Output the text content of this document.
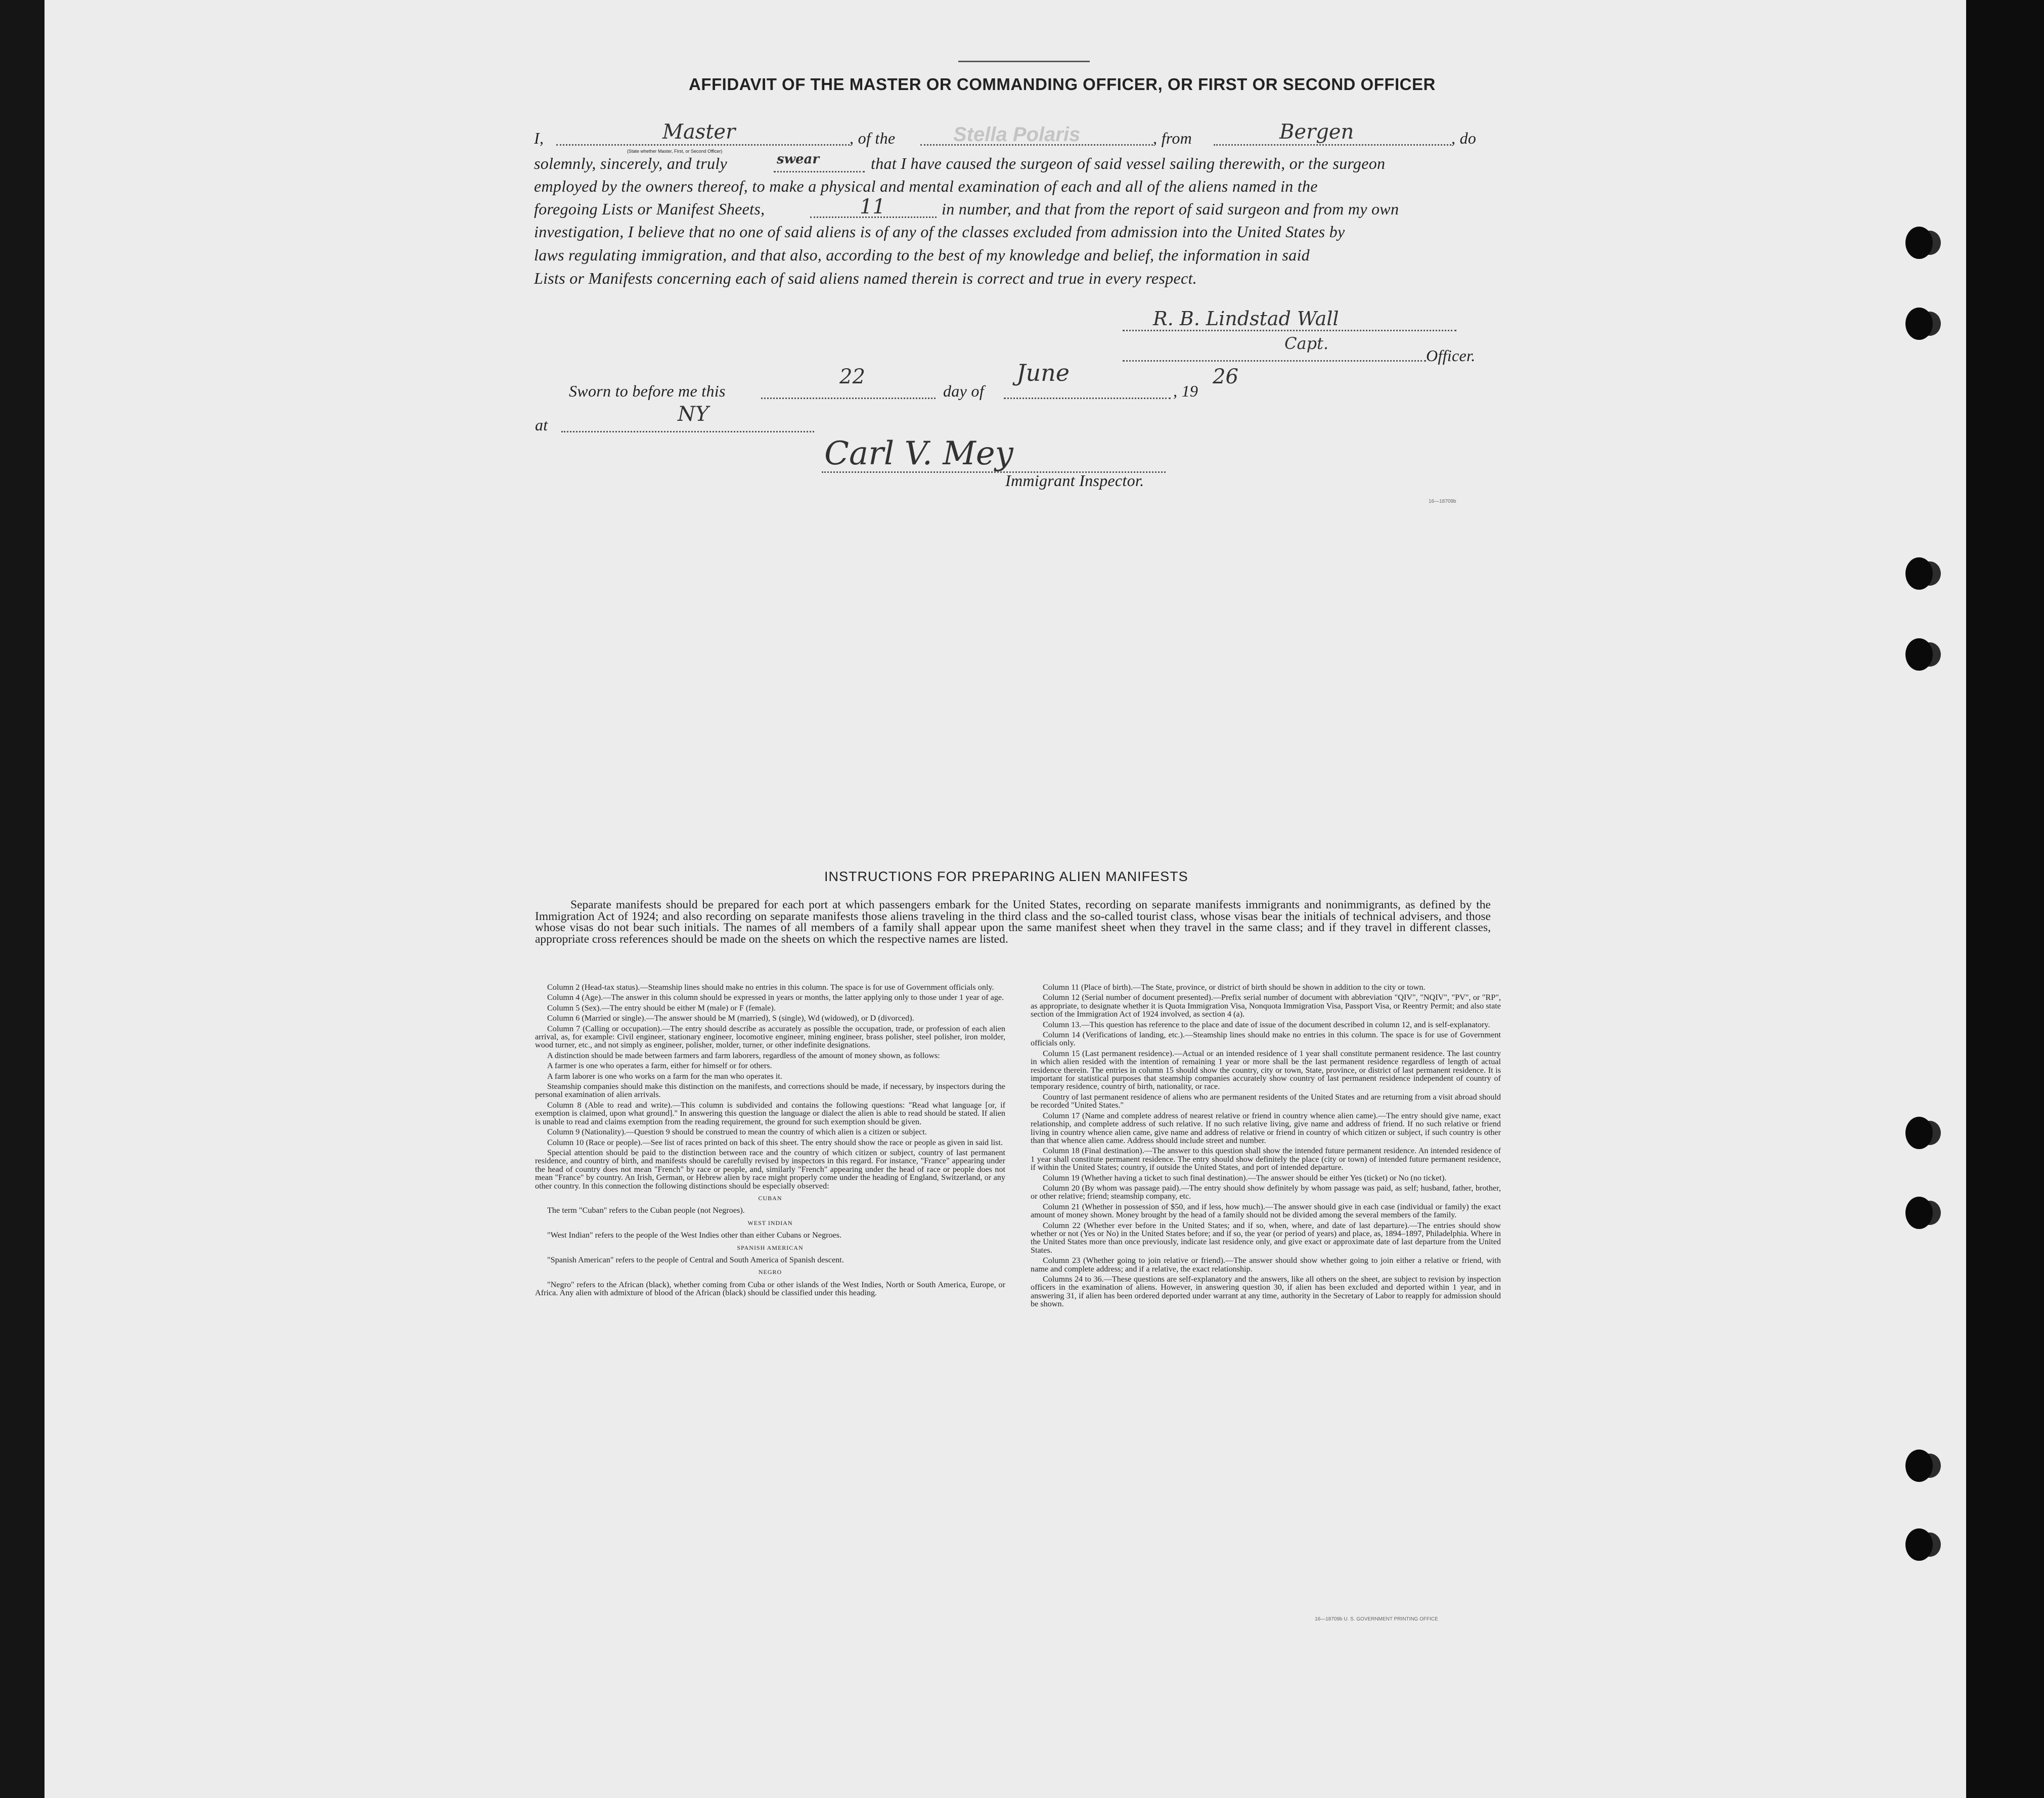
AFFIDAVIT OF THE MASTER OR COMMANDING OFFICER, OR FIRST OR SECOND OFFICER
I,	, of the	, from	, do
(State whether Master, First, or Second Officer)
Master	Stella Polaris	Bergen
solemnly, sincerely, and truly	swear	that I have caused the surgeon of said vessel sailing therewith, or the surgeon
employed by the owners thereof, to make a physical and mental examination of each and all of the aliens named in the
foregoing Lists or Manifest Sheets,	11	in number, and that from the report of said surgeon and from my own
investigation, I believe that no one of said aliens is of any of the classes excluded from admission into the United States by
laws regulating immigration, and that also, according to the best of my knowledge and belief, the information in said
Lists or Manifests concerning each of said aliens named therein is correct and true in every respect.
R. B. Lindstad Wall
Capt.
Officer.
Sworn to before me this
22
day of
June
, 19
26
at	NY
Carl V. Mey
Immigrant Inspector.
16—18709b
INSTRUCTIONS FOR PREPARING ALIEN MANIFESTS
Separate manifests should be prepared for each port at which passengers embark for the United States, recording on separate manifests immigrants and nonimmigrants, as defined by the Immigration Act of 1924; and also recording on separate manifests those aliens traveling in the third class and the so-called tourist class, whose visas bear the initials of technical advisers, and those whose visas do not bear such initials. The names of all members of a family shall appear upon the same manifest sheet when they travel in the same class; and if they travel in different classes, appropriate cross references should be made on the sheets on which the respective names are listed.

Column 2 (Head-tax status).—Steamship lines should make no entries in this column. The space is for use of Government officials only.

Column 4 (Age).—The answer in this column should be expressed in years or months, the latter applying only to those under 1 year of age.

Column 5 (Sex).—The entry should be either M (male) or F (female).

Column 6 (Married or single).—The answer should be M (married), S (single), Wd (widowed), or D (divorced).

Column 7 (Calling or occupation).—The entry should describe as accurately as possible the occupation, trade, or profession of each alien arrival, as, for example: Civil engineer, stationary engineer, locomotive engineer, mining engineer, brass polisher, steel polisher, iron molder, wood turner, etc., and not simply as engineer, polisher, molder, turner, or other indefinite designations.

A distinction should be made between farmers and farm laborers, regardless of the amount of money shown, as follows:

A farmer is one who operates a farm, either for himself or for others.

A farm laborer is one who works on a farm for the man who operates it.

Steamship companies should make this distinction on the manifests, and corrections should be made, if necessary, by inspectors during the personal examination of alien arrivals.

Column 8 (Able to read and write).—This column is subdivided and contains the following questions: "Read what language [or, if exemption is claimed, upon what ground]." In answering this question the language or dialect the alien is able to read should be stated. If alien is unable to read and claims exemption from the reading requirement, the ground for such exemption should be given.

Column 9 (Nationality).—Question 9 should be construed to mean the country of which alien is a citizen or subject.

Column 10 (Race or people).—See list of races printed on back of this sheet. The entry should show the race or people as given in said list.

Special attention should be paid to the distinction between race and the country of which citizen or subject, country of last permanent residence, and country of birth, and manifests should be carefully revised by inspectors in this regard. For instance, "France" appearing under the head of country does not mean "French" by race or people, and, similarly "French" appearing under the head of race or people does not mean "France" by country. An Irish, German, or Hebrew alien by race might properly come under the heading of England, Switzerland, or any other country. In this connection the following distinctions should be especially observed:

CUBAN

The term "Cuban" refers to the Cuban people (not Negroes).

WEST INDIAN

"West Indian" refers to the people of the West Indies other than either Cubans or Negroes.

SPANISH AMERICAN

"Spanish American" refers to the people of Central and South America of Spanish descent.

NEGRO

"Negro" refers to the African (black), whether coming from Cuba or other islands of the West Indies, North or South America, Europe, or Africa. Any alien with admixture of blood of the African (black) should be classified under this heading.

Column 11 (Place of birth).—The State, province, or district of birth should be shown in addition to the city or town.

Column 12 (Serial number of document presented).—Prefix serial number of document with abbreviation "QIV", "NQIV", "PV", or "RP", as appropriate, to designate whether it is Quota Immigration Visa, Nonquota Immigration Visa, Passport Visa, or Reentry Permit; and also state section of the Immigration Act of 1924 involved, as section 4 (a).

Column 13.—This question has reference to the place and date of issue of the document described in column 12, and is self-explanatory.

Column 14 (Verifications of landing, etc.).—Steamship lines should make no entries in this column. The space is for use of Government officials only.

Column 15 (Last permanent residence).—Actual or an intended residence of 1 year shall constitute permanent residence. The last country in which alien resided with the intention of remaining 1 year or more shall be the last permanent residence regardless of length of actual residence therein. The entries in column 15 should show the country, city or town, State, province, or district of last permanent residence. It is important for statistical purposes that steamship companies accurately show country of last permanent residence independent of country of temporary residence, country of birth, nationality, or race.

Country of last permanent residence of aliens who are permanent residents of the United States and are returning from a visit abroad should be recorded "United States."

Column 17 (Name and complete address of nearest relative or friend in country whence alien came).—The entry should give name, exact relationship, and complete address of such relative. If no such relative living, give name and address of friend. If no such relative or friend living in country whence alien came, give name and address of relative or friend in country of which citizen or subject, if such country is other than that whence alien came. Address should include street and number.

Column 18 (Final destination).—The answer to this question shall show the intended future permanent residence. An intended residence of 1 year shall constitute permanent residence. The entry should show definitely the place (city or town) of intended future permanent residence, if within the United States; country, if outside the United States, and port of intended departure.

Column 19 (Whether having a ticket to such final destination).—The answer should be either Yes (ticket) or No (no ticket).

Column 20 (By whom was passage paid).—The entry should show definitely by whom passage was paid, as self; husband, father, brother, or other relative; friend; steamship company, etc.

Column 21 (Whether in possession of $50, and if less, how much).—The answer should give in each case (individual or family) the exact amount of money shown. Money brought by the head of a family should not be divided among the several members of the family.

Column 22 (Whether ever before in the United States; and if so, when, where, and date of last departure).—The entries should show whether or not (Yes or No) in the United States before; and if so, the year (or period of years) and place, as, 1894–1897, Philadelphia. Where in the United States more than once previously, indicate last residence only, and give exact or approximate date of last departure from the United States.

Column 23 (Whether going to join relative or friend).—The answer should show whether going to join either a relative or friend, with name and complete address; and if a relative, the exact relationship.

Columns 24 to 36.—These questions are self-explanatory and the answers, like all others on the sheet, are subject to revision by inspection officers in the examination of aliens. However, in answering question 30, if alien has been excluded and deported within 1 year, and in answering 31, if alien has been ordered deported under warrant at any time, authority in the Secretary of Labor to reapply for admission should be shown.

16—18709b U. S. GOVERNMENT PRINTING OFFICE
